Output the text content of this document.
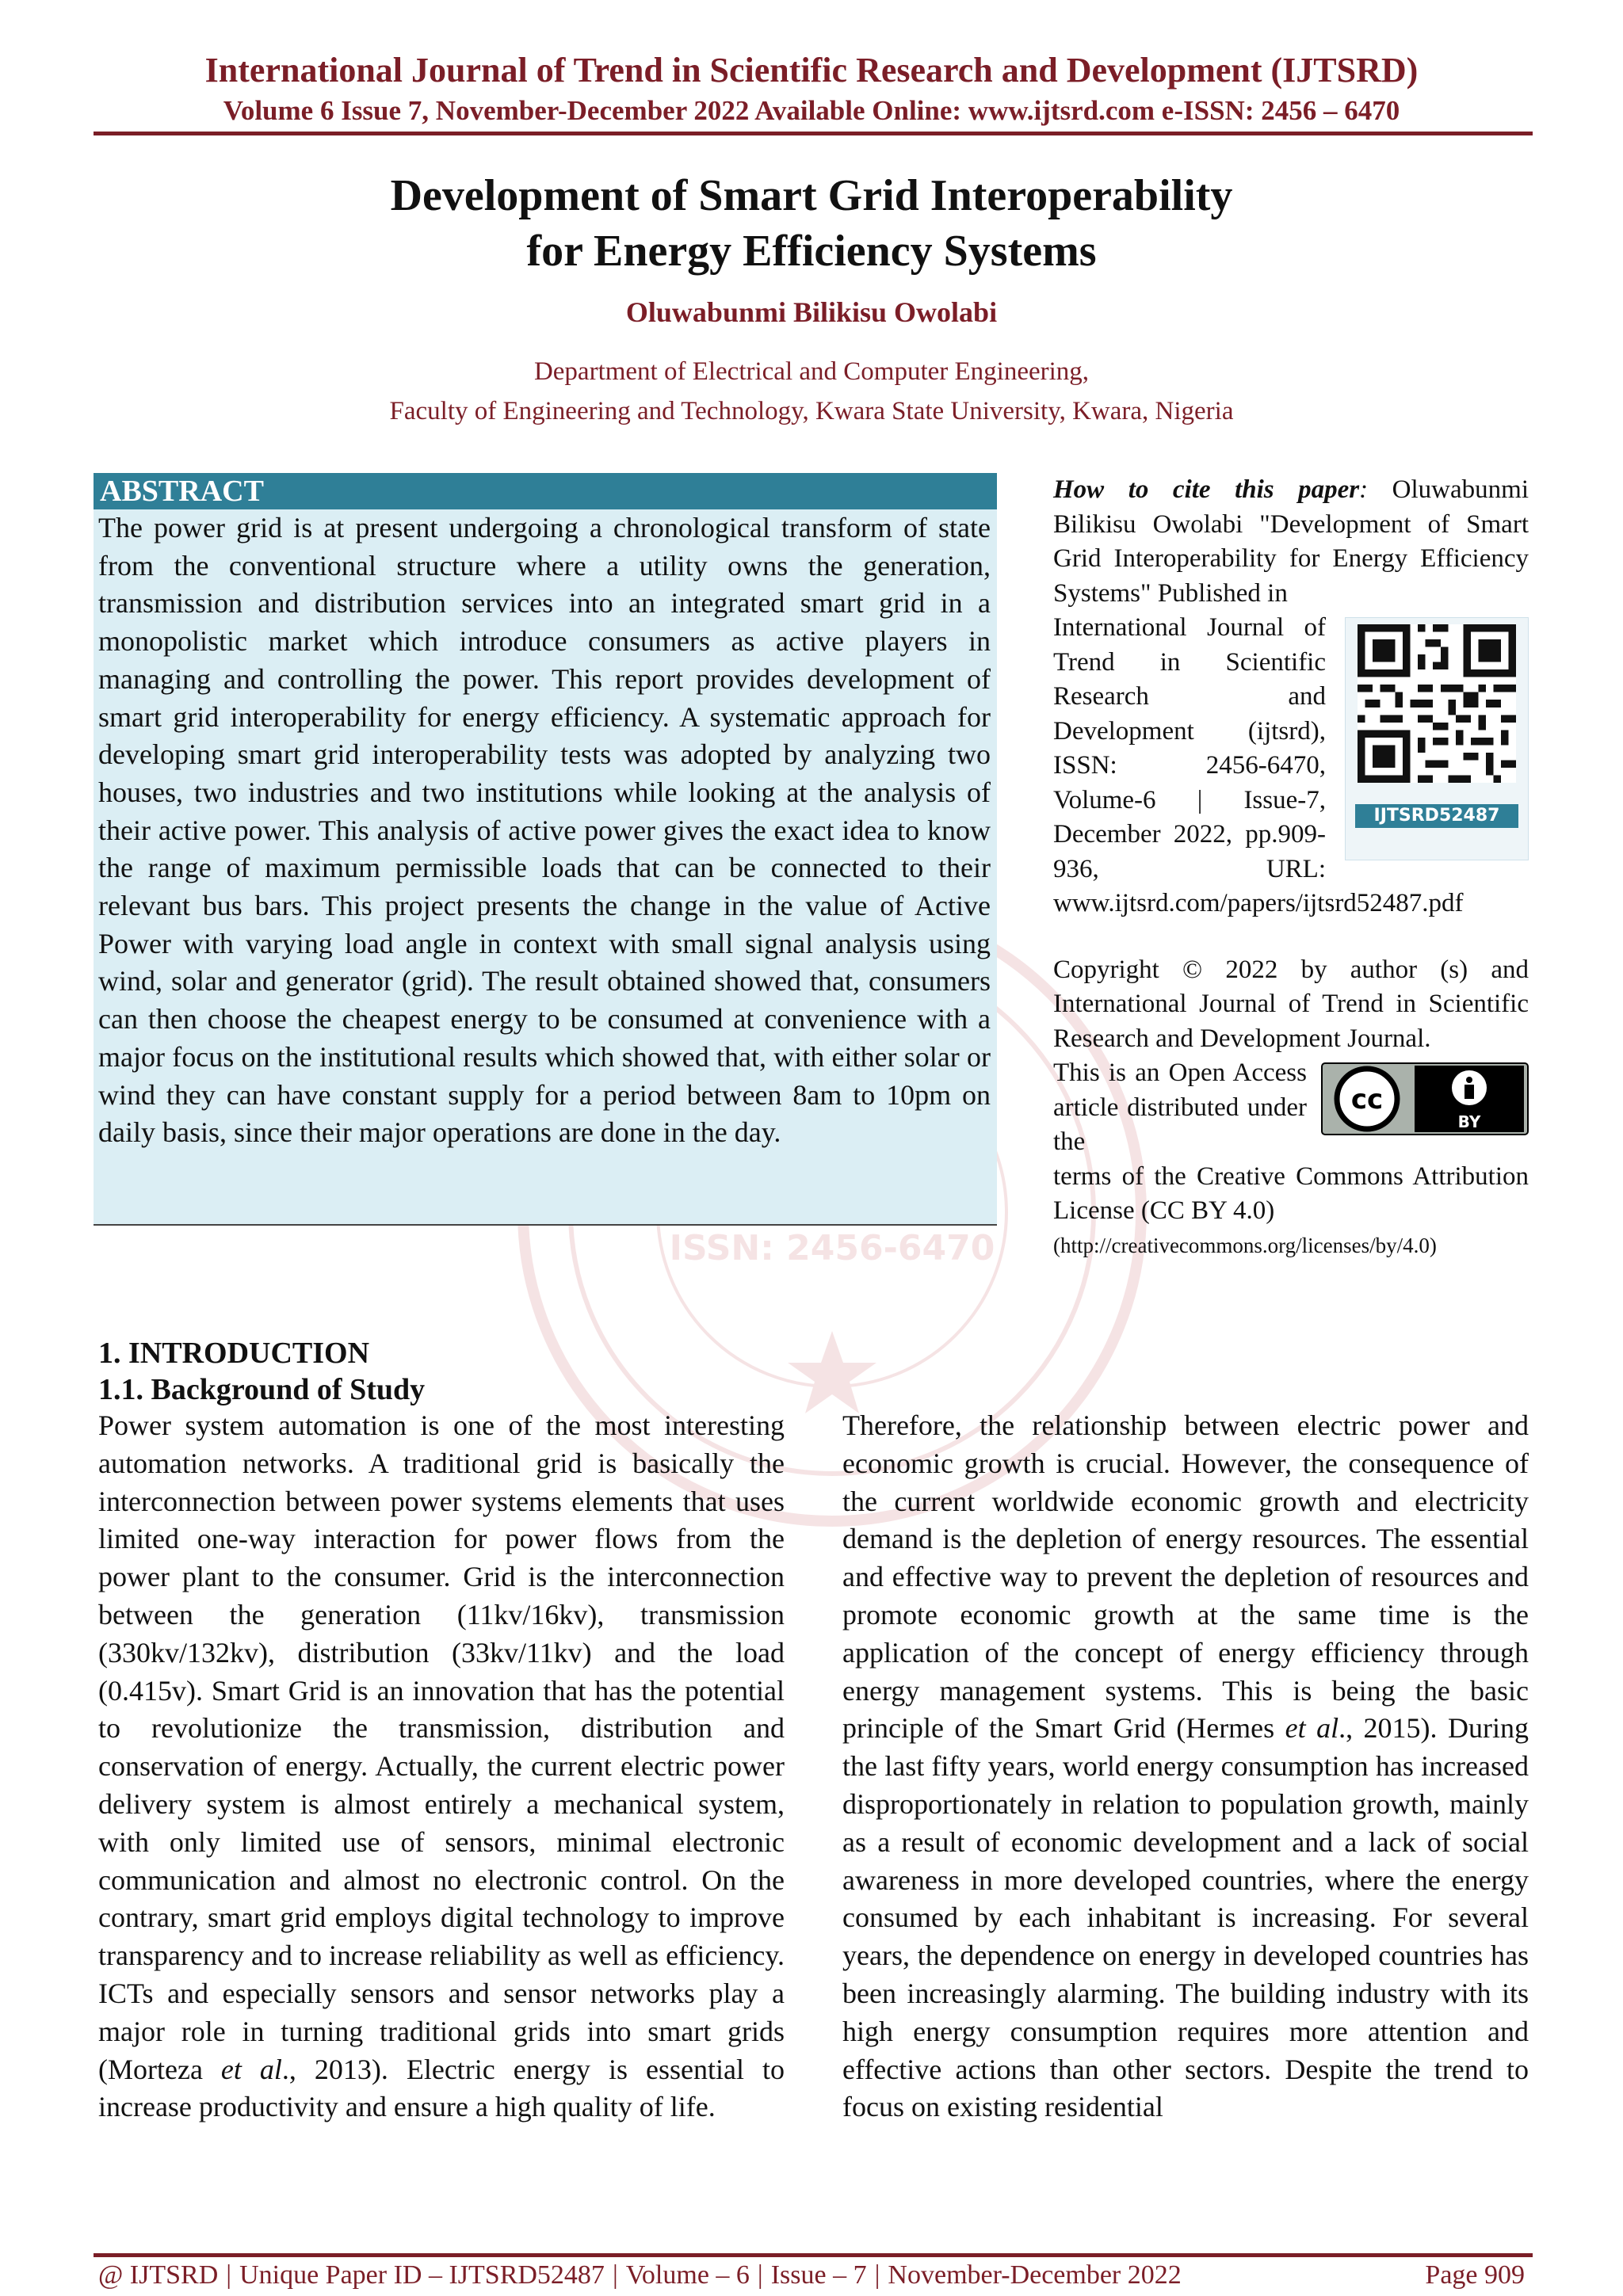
International Journal of Trend in Scientific Research and Development (IJTSRD)
Volume 6 Issue 7, November-December 2022 Available Online: www.ijtsrd.com e-ISSN: 2456 – 6470
Development of Smart Grid Interoperability
for Energy Efficiency Systems
Oluwabunmi Bilikisu Owolabi
Department of Electrical and Computer Engineering,
Faculty of Engineering and Technology, Kwara State University, Kwara, Nigeria
ISSN: 2456-6470
ABSTRACT
The power grid is at present undergoing a chronological transform of state from the conventional structure where a utility owns the generation, transmission and distribution services into an integrated smart grid in a monopolistic market which introduce consumers as active players in managing and controlling the power. This report provides development of smart grid interoperability for energy efficiency. A systematic approach for developing smart grid interoperability tests was adopted by analyzing two houses, two industries and two institutions while looking at the analysis of their active power. This analysis of active power gives the exact idea to know the range of maximum permissible loads that can be connected to their relevant bus bars. This project presents the change in the value of Active Power with varying load angle in context with small signal analysis using wind, solar and generator (grid). The result obtained showed that, consumers can then choose the cheapest energy to be consumed at convenience with a major focus on the institutional results which showed that, with either solar or wind they can have constant supply for a period between 8am to 10pm on daily basis, since their major operations are done in the day.

How to cite this paper: Oluwabunmi Bilikisu Owolabi "Development of Smart Grid Interoperability for Energy Efficiency Systems" Published in

IJTSRD52487

International Journal of Trend in Scientific Research and Development (ijtsrd), ISSN: 2456-6470, Volume-6 | Issue-7, December 2022, pp.909-936, URL: www.ijtsrd.com/papers/ijtsrd52487.pdf

Copyright © 2022 by author (s) and International Journal of Trend in Scientific Research and Development Journal.

cc
BY

This is an Open Access article distributed under the

terms of the Creative Commons Attribution License (CC BY 4.0)

(http://creativecommons.org/licenses/by/4.0)

1. INTRODUCTION
1.1. Background of Study
Power system automation is one of the most interesting automation networks. A traditional grid is basically the interconnection between power systems elements that uses limited one-way interaction for power flows from the power plant to the consumer. Grid is the interconnection between the generation (11kv/16kv), transmission (330kv/132kv), distribution (33kv/11kv) and the load (0.415v). Smart Grid is an innovation that has the potential to revolutionize the transmission, distribution and conservation of energy. Actually, the current electric power delivery system is almost entirely a mechanical system, with only limited use of sensors, minimal electronic communication and almost no electronic control. On the contrary, smart grid employs digital technology to improve transparency and to increase reliability as well as efficiency. ICTs and especially sensors and sensor networks play a major role in turning traditional grids into smart grids (Morteza et al., 2013). Electric energy is essential to increase productivity and ensure a high quality of life.
Therefore, the relationship between electric power and economic growth is crucial. However, the consequence of the current worldwide economic growth and electricity demand is the depletion of energy resources. The essential and effective way to prevent the depletion of resources and promote economic growth at the same time is the application of the concept of energy efficiency through energy management systems. This is being the basic principle of the Smart Grid (Hermes et al., 2015). During the last fifty years, world energy consumption has increased disproportionately in relation to population growth, mainly as a result of economic development and a lack of social awareness in more developed countries, where the energy consumed by each inhabitant is increasing. For several years, the dependence on energy in developed countries has been increasingly alarming. The building industry with its high energy consumption requires more attention and effective actions than other sectors. Despite the trend to focus on existing residential
@ IJTSRD | Unique Paper ID – IJTSRD52487 | Volume – 6 | Issue – 7 | November-December 2022	Page 909
